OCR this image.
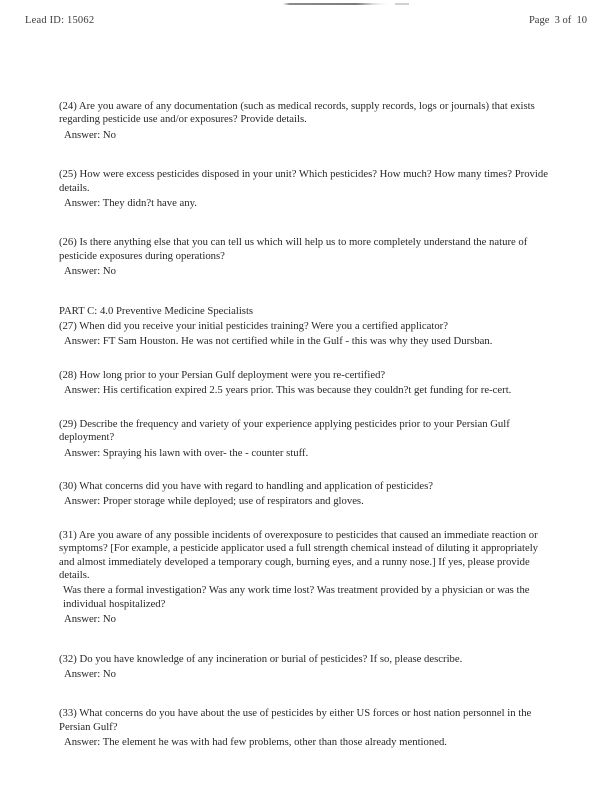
Lead ID: 15062	Page  3 of  10

(24) Are you aware of any documentation (such as medical records, supply records, logs or journals) that exists regarding pesticide use and/or exposures? Provide details.

Answer: No

(25) How were excess pesticides disposed in your unit? Which pesticides? How much? How many times? Provide details.

Answer: They didn?t have any.

(26) Is there anything else that you can tell us which will help us to more completely understand the nature of pesticide exposures during operations?

Answer: No

PART C: 4.0 Preventive Medicine Specialists

(27) When did you receive your initial pesticides training? Were you a certified applicator?

Answer: FT Sam Houston. He was not certified while in the Gulf - this was why they used Dursban.

(28) How long prior to your Persian Gulf deployment were you re-certified?

Answer: His certification expired 2.5 years prior. This was because they couldn?t get funding for re-cert.

(29) Describe the frequency and variety of your experience applying pesticides prior to your Persian Gulf deployment?

Answer: Spraying his lawn with over- the - counter stuff.

(30) What concerns did you have with regard to handling and application of pesticides?

Answer: Proper storage while deployed; use of respirators and gloves.

(31) Are you aware of any possible incidents of overexposure to pesticides that caused an immediate reaction or symptoms? [For example, a pesticide applicator used a full strength chemical instead of diluting it appropriately and almost immediately developed a temporary cough, burning eyes, and a runny nose.] If yes, please provide details.

Was there a formal investigation? Was any work time lost? Was treatment provided by a physician or was the individual hospitalized?

Answer: No

(32) Do you have knowledge of any incineration or burial of pesticides? If so, please describe.

Answer: No

(33) What concerns do you have about the use of pesticides by either US forces or host nation personnel in the Persian Gulf?

Answer: The element he was with had few problems, other than those already mentioned.
